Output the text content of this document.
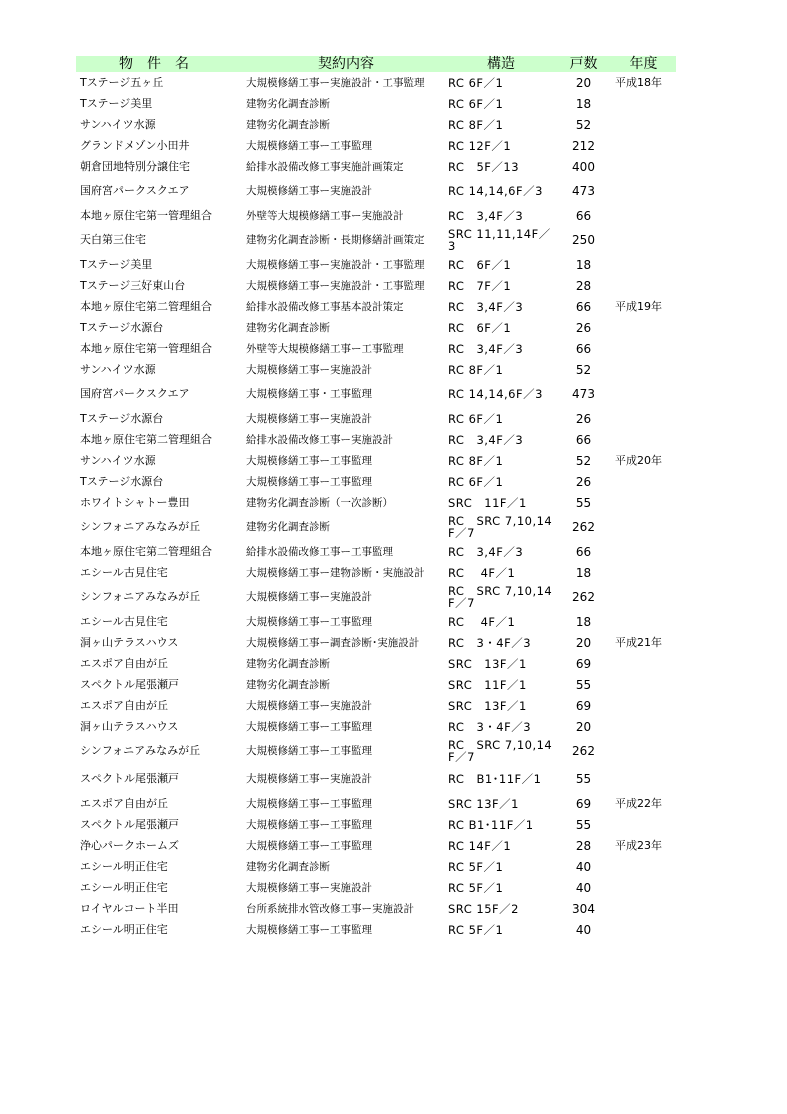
物件名	契約内容	構造	戸数	年度
Tステージ五ヶ丘	大規模修繕工事ー実施設計・工事監理	RC 6F／1	20	平成18年
Tステージ美里	建物劣化調査診断	RC 6F／1	18	
サンハイツ水源	建物劣化調査診断	RC 8F／1	52	
グランドメゾン小田井	大規模修繕工事ー工事監理	RC 12F／1	212	
朝倉団地特別分譲住宅	給排水設備改修工事実施計画策定	RC　5F／13	400	
国府宮パークスクエア	大規模修繕工事ー実施設計	RC 14,14,6F／3	473	
本地ヶ原住宅第一管理組合	外壁等大規模修繕工事ー実施設計	RC　3,4F／3	66	
天白第三住宅	建物劣化調査診断・長期修繕計画策定	SRC 11,11,14F／3	250	
Tステージ美里	大規模修繕工事ー実施設計・工事監理	RC　6F／1	18	
Tステージ三好東山台	大規模修繕工事ー実施設計・工事監理	RC　7F／1	28	
本地ヶ原住宅第二管理組合	給排水設備改修工事基本設計策定	RC　3,4F／3	66	平成19年
Tステージ水源台	建物劣化調査診断	RC　6F／1	26	
本地ヶ原住宅第一管理組合	外壁等大規模修繕工事ー工事監理	RC　3,4F／3	66	
サンハイツ水源	大規模修繕工事ー実施設計	RC 8F／1	52	
国府宮パークスクエア	大規模修繕工事・工事監理	RC 14,14,6F／3	473	
Tステージ水源台	大規模修繕工事ー実施設計	RC 6F／1	26	
本地ヶ原住宅第二管理組合	給排水設備改修工事ー実施設計	RC　3,4F／3	66	
サンハイツ水源	大規模修繕工事ー工事監理	RC 8F／1	52	平成20年
Tステージ水源台	大規模修繕工事ー工事監理	RC 6F／1	26	
ホワイトシャトー豊田	建物劣化調査診断（一次診断）	SRC　11F／1	55	
シンフォニアみなみが丘	建物劣化調査診断	RC　SRC 7,10,14F／7	262	
本地ヶ原住宅第二管理組合	給排水設備改修工事ー工事監理	RC　3,4F／3	66	
エシール古見住宅	大規模修繕工事ー建物診断・実施設計	RC　 4F／1	18	
シンフォニアみなみが丘	大規模修繕工事ー実施設計	RC　SRC 7,10,14F／7	262	
エシール古見住宅	大規模修繕工事ー工事監理	RC　 4F／1	18	
洞ヶ山テラスハウス	大規模修繕工事ー調査診断･実施設計	RC　3・4F／3	20	平成21年
エスポア自由が丘	建物劣化調査診断	SRC　13F／1	69	
スペクトル尾張瀬戸	建物劣化調査診断	SRC　11F／1	55	
エスポア自由が丘	大規模修繕工事ー実施設計	SRC　13F／1	69	
洞ヶ山テラスハウス	大規模修繕工事ー工事監理	RC　3・4F／3	20	
シンフォニアみなみが丘	大規模修繕工事ー工事監理	RC　SRC 7,10,14F／7	262	
スペクトル尾張瀬戸	大規模修繕工事ー実施設計	RC　B1･11F／1	55	
エスポア自由が丘	大規模修繕工事ー工事監理	SRC 13F／1	69	平成22年
スペクトル尾張瀬戸	大規模修繕工事ー工事監理	RC B1･11F／1	55	
浄心パークホームズ	大規模修繕工事ー工事監理	RC 14F／1	28	平成23年
エシール明正住宅	建物劣化調査診断	RC 5F／1	40	
エシール明正住宅	大規模修繕工事ー実施設計	RC 5F／1	40	
ロイヤルコート半田	台所系統排水管改修工事ー実施設計	SRC 15F／2	304	
エシール明正住宅	大規模修繕工事ー工事監理	RC 5F／1	40	
